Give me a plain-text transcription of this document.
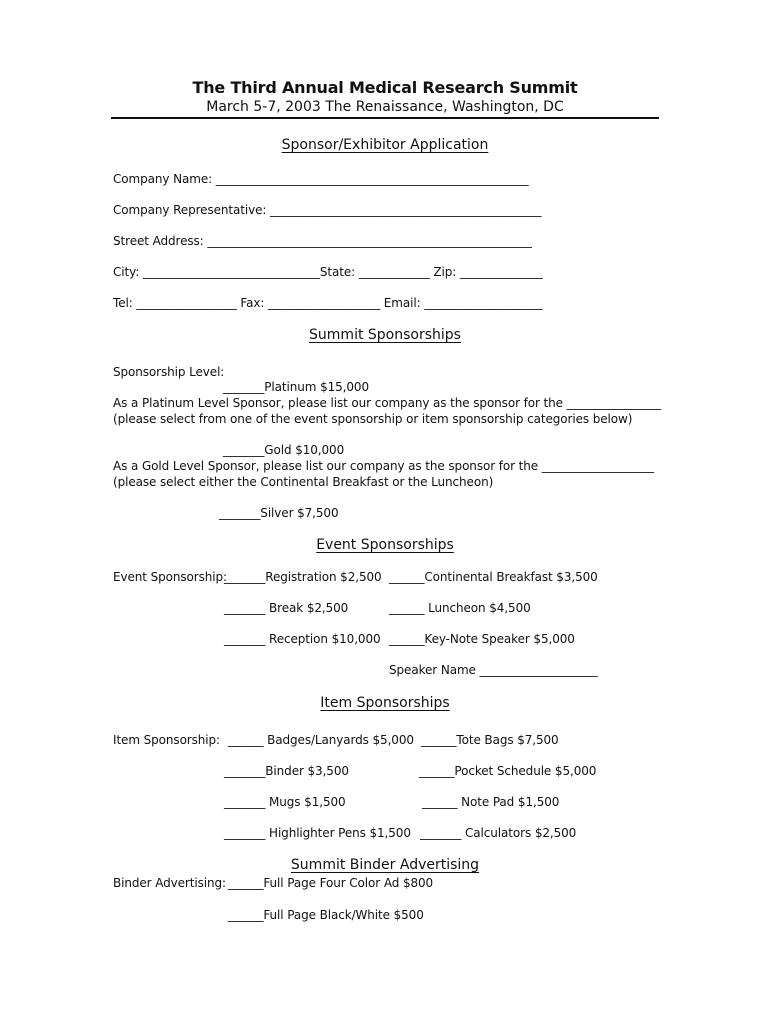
The Third Annual Medical Research Summit
March 5-7, 2003 The Renaissance, Washington, DC
Sponsor/Exhibitor Application
Company Name: _____________________________________________________
Company Representative: ______________________________________________
Street Address: _______________________________________________________
City: ______________________________State: ____________ Zip: ______________
Tel: _________________ Fax: ___________________ Email: ____________________
Summit Sponsorships
Sponsorship Level:
_______Platinum $15,000
As a Platinum Level Sponsor, please list our company as the sponsor for the ________________
(please select from one of the event sponsorship or item sponsorship categories below)
_______Gold $10,000
As a Gold Level Sponsor, please list our company as the sponsor for the ___________________
(please select either the Continental Breakfast or the Luncheon)
_______Silver $7,500
Event Sponsorships
Event Sponsorship:
_______Registration $2,500 ______Continental Breakfast $3,500
_______ Break $2,500	______ Luncheon $4,500
_______ Reception $10,000 ______Key-Note Speaker $5,000
Speaker Name ____________________
Item Sponsorships
Item Sponsorship: ______ Badges/Lanyards $5,000 ______Tote Bags $7,500
_______Binder $3,500	______Pocket Schedule $5,000
_______ Mugs $1,500	______ Note Pad $1,500
_______ Highlighter Pens $1,500 _______ Calculators $2,500
Summit Binder Advertising
Binder Advertising: ______Full Page Four Color Ad $800
______Full Page Black/White $500
